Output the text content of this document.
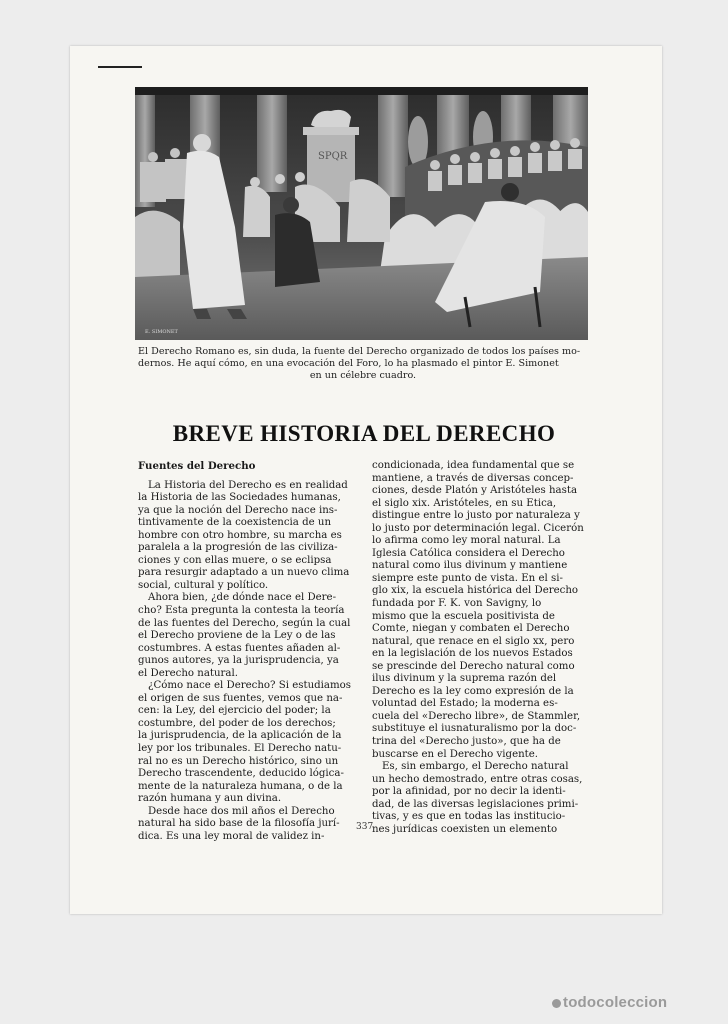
SPQR
E. SIMONET
El Derecho Romano es, sin duda, la fuente del Derecho organizado de todos los países mo-
dernos. He aquí cómo, en una evocación del Foro, lo ha plasmado el pintor E. Simonet
en un célebre cuadro.
BREVE HISTORIA DEL DERECHO
Fuentes del Derecho
La Historia del Derecho es en realidad
la Historia de las Sociedades humanas,
ya que la noción del Derecho nace ins-
tintivamente de la coexistencia de un
hombre con otro hombre, su marcha es
paralela a la progresión de las civiliza-
ciones y con ellas muere, o se eclipsa
para resurgir adaptado a un nuevo clima
social, cultural y político.
Ahora bien, ¿de dónde nace el Dere-
cho? Esta pregunta la contesta la teoría
de las fuentes del Derecho, según la cual
el Derecho proviene de la Ley o de las
costumbres. A estas fuentes añaden al-
gunos autores, ya la jurisprudencia, ya
el Derecho natural.
¿Cómo nace el Derecho? Si estudiamos
el origen de sus fuentes, vemos que na-
cen: la Ley, del ejercicio del poder; la
costumbre, del poder de los derechos;
la jurisprudencia, de la aplicación de la
ley por los tribunales. El Derecho natu-
ral no es un Derecho histórico, sino un
Derecho trascendente, deducido lógica-
mente de la naturaleza humana, o de la
razón humana y aun divina.
Desde hace dos mil años el Derecho
natural ha sido base de la filosofía jurí-
dica. Es una ley moral de validez in-
condicionada, idea fundamental que se
mantiene, a través de diversas concep-
ciones, desde Platón y Aristóteles hasta
el siglo xix. Aristóteles, en su Etica,
distingue entre lo justo por naturaleza y
lo justo por determinación legal. Cicerón
lo afirma como ley moral natural. La
Iglesia Católica considera el Derecho
natural como ilus divinum y mantiene
siempre este punto de vista. En el si-
glo xix, la escuela histórica del Derecho
fundada por F. K. von Savigny, lo
mismo que la escuela positivista de
Comte, niegan y combaten el Derecho
natural, que renace en el siglo xx, pero
en la legislación de los nuevos Estados
se prescinde del Derecho natural como
ilus divinum y la suprema razón del
Derecho es la ley como expresión de la
voluntad del Estado; la moderna es-
cuela del «Derecho libre», de Stammler,
substituye el iusnaturalismo por la doc-
trina del «Derecho justo», que ha de
buscarse en el Derecho vigente.
Es, sin embargo, el Derecho natural
un hecho demostrado, entre otras cosas,
por la afinidad, por no decir la identi-
dad, de las diversas legislaciones primi-
tivas, y es que en todas las institucio-
nes jurídicas coexisten un elemento
337
todocoleccion
